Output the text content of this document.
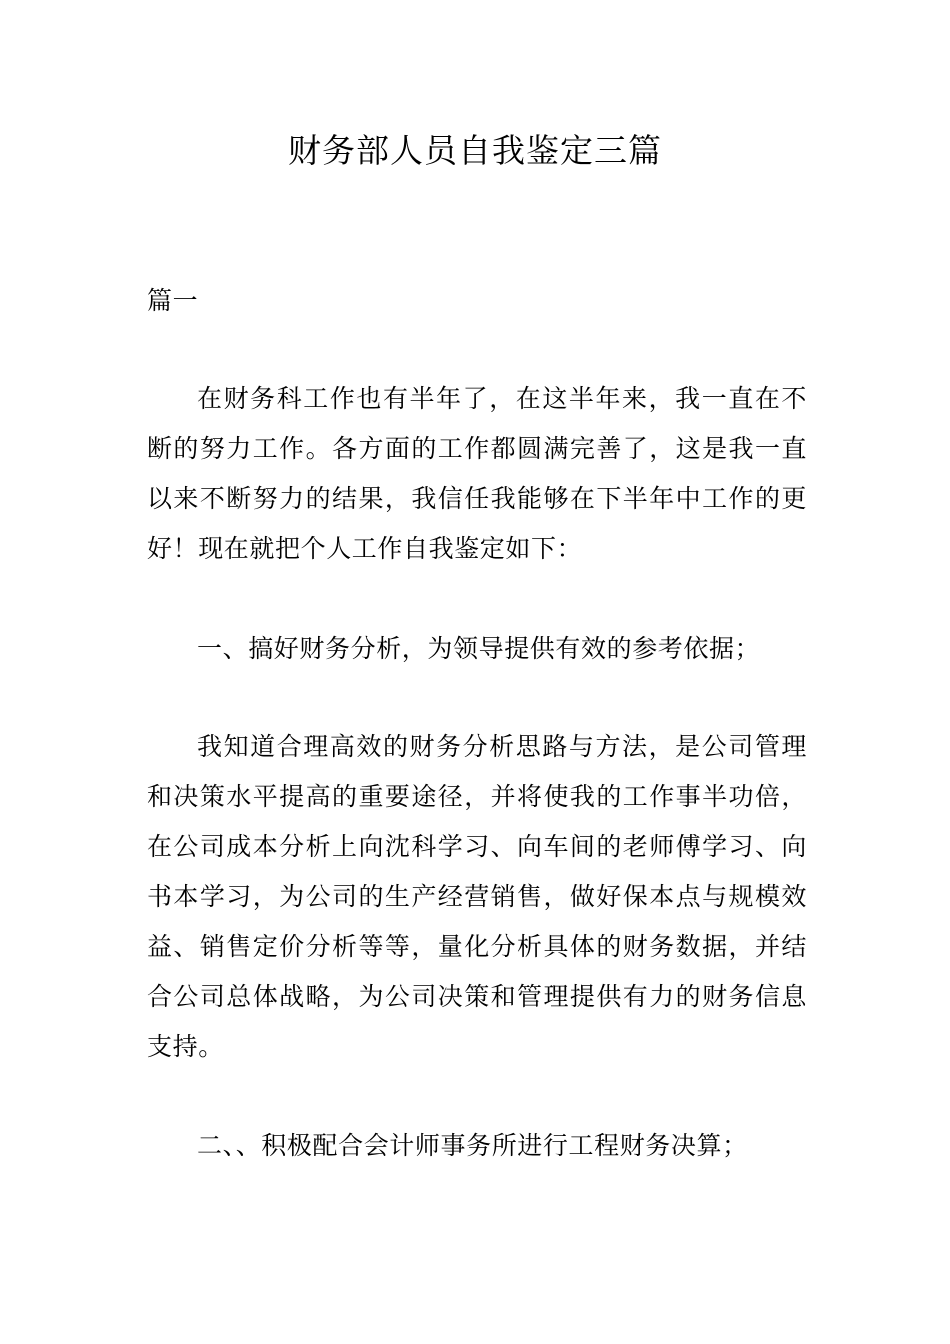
财务部人员自我鉴定三篇

篇一

在财务科工作也有半年了，在这半年来，我一直在不断的努力工作。各方面的工作都圆满完善了，这是我一直以来不断努力的结果，我信任我能够在下半年中工作的更好！现在就把个人工作自我鉴定如下：

一、搞好财务分析，为领导提供有效的参考依据；

我知道合理高效的财务分析思路与方法，是公司管理和决策水平提高的重要途径，并将使我的工作事半功倍，在公司成本分析上向沈科学习、向车间的老师傅学习、向书本学习，为公司的生产经营销售，做好保本点与规模效益、销售定价分析等等，量化分析具体的财务数据，并结合公司总体战略，为公司决策和管理提供有力的财务信息支持。

二、、积极配合会计师事务所进行工程财务决算；
